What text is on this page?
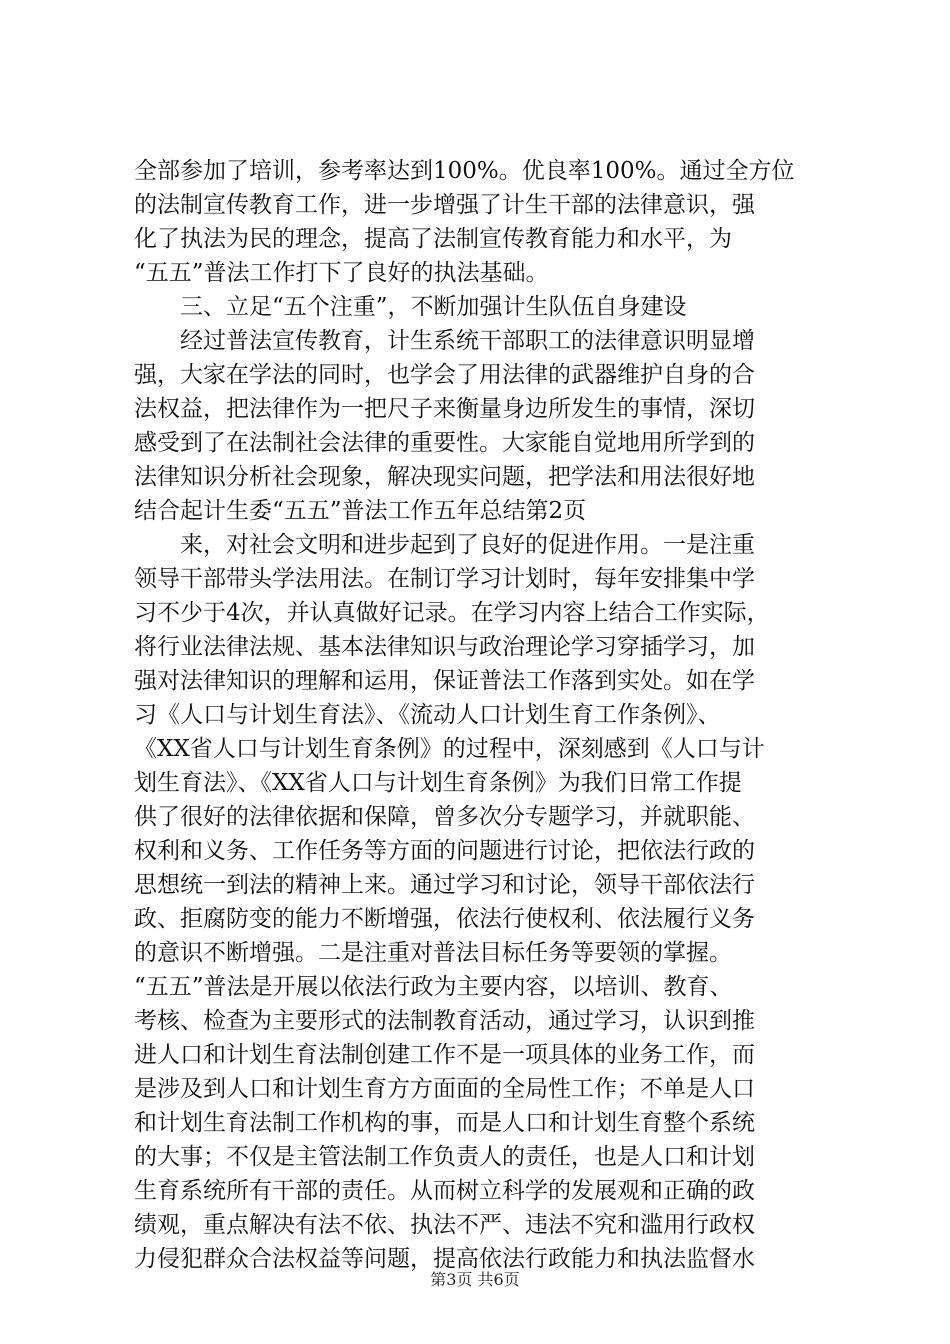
全部参加了培训，参考率达到100%。优良率100%。通过全方位
的法制宣传教育工作，进一步增强了计生干部的法律意识，强
化了执法为民的理念，提高了法制宣传教育能力和水平，为
“五五”普法工作打下了良好的执法基础。
　　三、立足“五个注重”，不断加强计生队伍自身建设
　　经过普法宣传教育，计生系统干部职工的法律意识明显增
强，大家在学法的同时，也学会了用法律的武器维护自身的合
法权益，把法律作为一把尺子来衡量身边所发生的事情，深切
感受到了在法制社会法律的重要性。大家能自觉地用所学到的
法律知识分析社会现象，解决现实问题，把学法和用法很好地
结合起计生委“五五”普法工作五年总结第2页
　　来，对社会文明和进步起到了良好的促进作用。一是注重
领导干部带头学法用法。在制订学习计划时，每年安排集中学
习不少于4次，并认真做好记录。在学习内容上结合工作实际，
将行业法律法规、基本法律知识与政治理论学习穿插学习，加
强对法律知识的理解和运用，保证普法工作落到实处。如在学
习《人口与计划生育法》、《流动人口计划生育工作条例》、
《XX省人口与计划生育条例》的过程中，深刻感到《人口与计
划生育法》、《XX省人口与计划生育条例》为我们日常工作提
供了很好的法律依据和保障，曾多次分专题学习，并就职能、
权利和义务、工作任务等方面的问题进行讨论，把依法行政的
思想统一到法的精神上来。通过学习和讨论，领导干部依法行
政、拒腐防变的能力不断增强，依法行使权利、依法履行义务
的意识不断增强。二是注重对普法目标任务等要领的掌握。
“五五”普法是开展以依法行政为主要内容，以培训、教育、
考核、检查为主要形式的法制教育活动，通过学习，认识到推
进人口和计划生育法制创建工作不是一项具体的业务工作，而
是涉及到人口和计划生育方方面面的全局性工作；不单是人口
和计划生育法制工作机构的事，而是人口和计划生育整个系统
的大事；不仅是主管法制工作负责人的责任，也是人口和计划
生育系统所有干部的责任。从而树立科学的发展观和正确的政
绩观，重点解决有法不依、执法不严、违法不究和滥用行政权
力侵犯群众合法权益等问题，提高依法行政能力和执法监督水
第3页 共6页
